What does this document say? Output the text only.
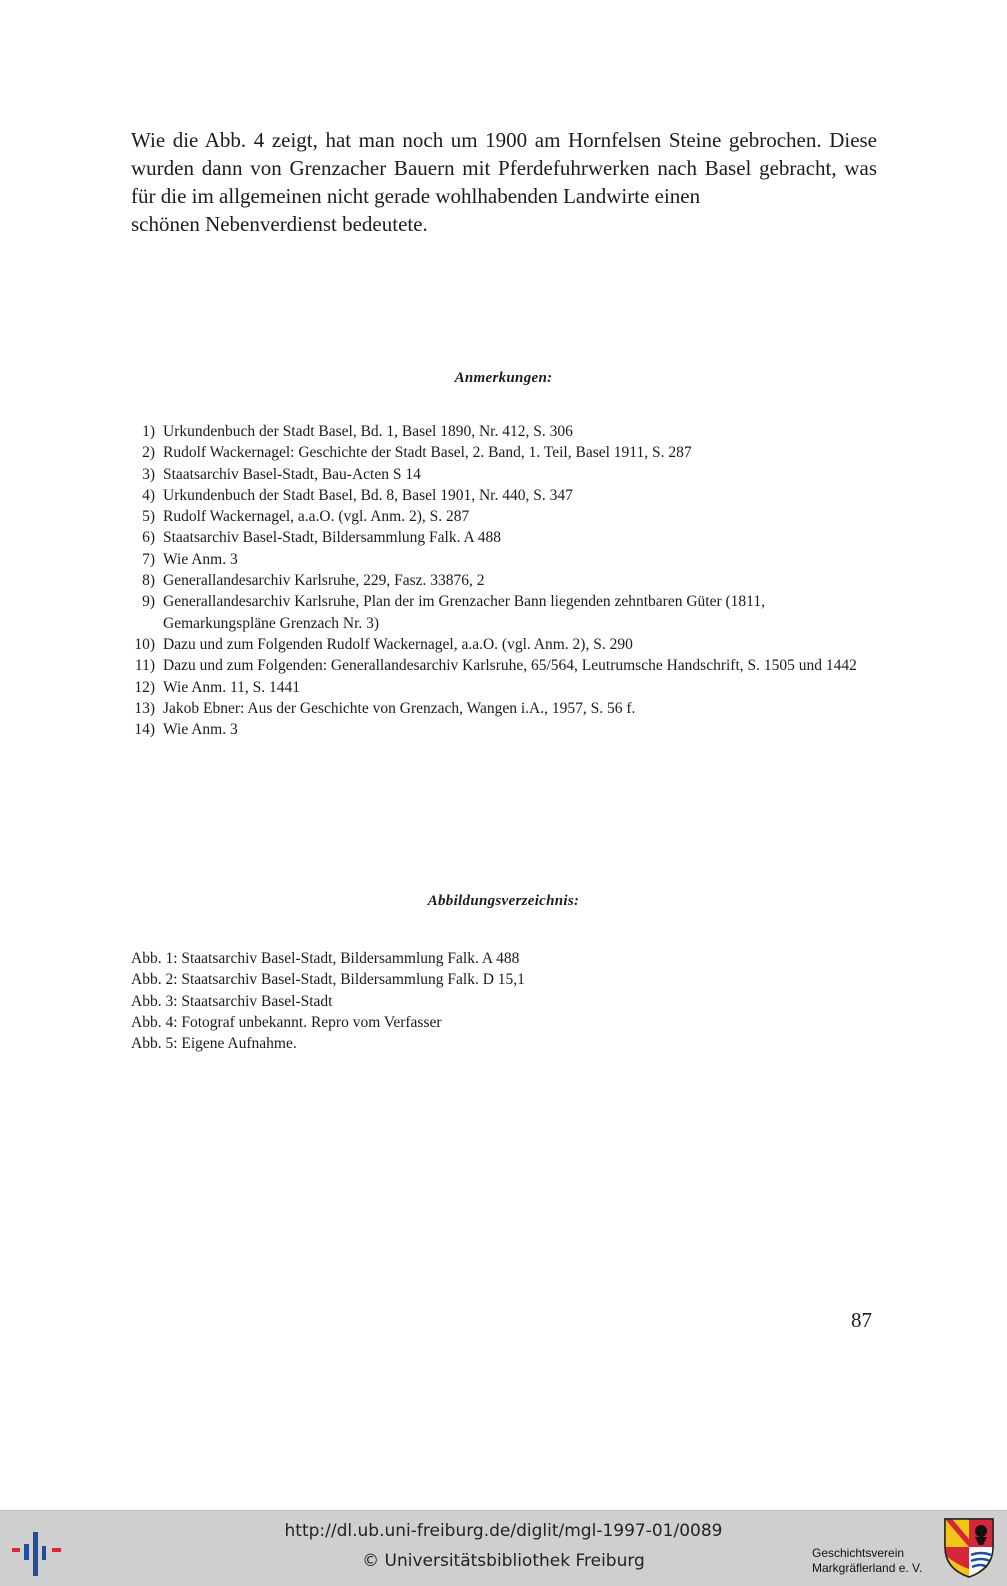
Wie die Abb. 4 zeigt, hat man noch um 1900 am Hornfelsen Steine gebrochen. Diese wurden dann von Grenzacher Bauern mit Pferdefuhrwerken nach Basel gebracht, was für die im allgemeinen nicht gerade wohlhabenden Landwirte einen
schönen Nebenverdienst bedeutete.

Anmerkungen:
1) Urkundenbuch der Stadt Basel, Bd. 1, Basel 1890, Nr. 412, S. 306
2) Rudolf Wackernagel: Geschichte der Stadt Basel, 2. Band, 1. Teil, Basel 1911, S. 287
3) Staatsarchiv Basel-Stadt, Bau-Acten S 14
4) Urkundenbuch der Stadt Basel, Bd. 8, Basel 1901, Nr. 440, S. 347
5) Rudolf Wackernagel, a.a.O. (vgl. Anm. 2), S. 287
6) Staatsarchiv Basel-Stadt, Bildersammlung Falk. A 488
7) Wie Anm. 3
8) Generallandesarchiv Karlsruhe, 229, Fasz. 33876, 2
9) Generallandesarchiv Karlsruhe, Plan der im Grenzacher Bann liegenden zehntbaren Güter (1811, Gemarkungspläne Grenzach Nr. 3)
10) Dazu und zum Folgenden Rudolf Wackernagel, a.a.O. (vgl. Anm. 2), S. 290
11) Dazu und zum Folgenden: Generallandesarchiv Karlsruhe, 65/564, Leutrumsche Handschrift, S. 1505 und 1442
12) Wie Anm. 11, S. 1441
13) Jakob Ebner: Aus der Geschichte von Grenzach, Wangen i.A., 1957, S. 56 f.
14) Wie Anm. 3
Abbildungsverzeichnis:
Abb. 1: Staatsarchiv Basel-Stadt, Bildersammlung Falk. A 488
Abb. 2: Staatsarchiv Basel-Stadt, Bildersammlung Falk. D 15,1
Abb. 3: Staatsarchiv Basel-Stadt
Abb. 4: Fotograf unbekannt. Repro vom Verfasser
Abb. 5: Eigene Aufnahme.
87
http://dl.ub.uni-freiburg.de/diglit/mgl-1997-01/0089
© Universitätsbibliothek Freiburg	Geschichtsverein
Markgräflerland e. V.
